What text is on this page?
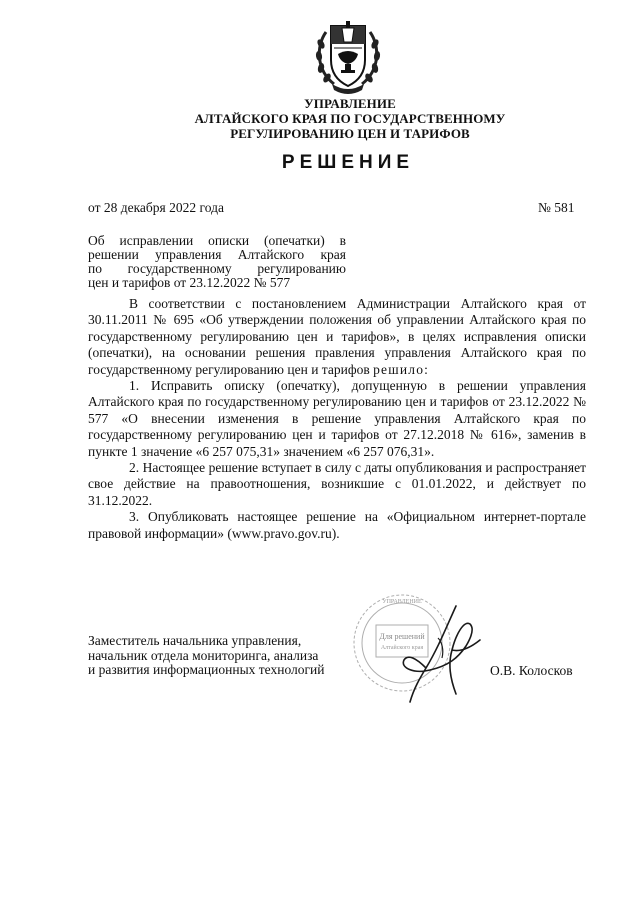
УПРАВЛЕНИЕ
АЛТАЙСКОГО КРАЯ ПО ГОСУДАРСТВЕННОМУ
РЕГУЛИРОВАНИЮ ЦЕН И ТАРИФОВ
РЕШЕНИЕ
от 28 декабря 2022 года	№ 581
Об исправлении описки (опечатки) в
решении управления Алтайского края
по государственному регулированию
цен и тарифов от 23.12.2022 № 577

В соответствии с постановлением Администрации Алтайского края от 30.11.2011 № 695 «Об утверждении положения об управлении Алтайского края по государственному регулированию цен и тарифов», в целях исправления описки (опечатки), на основании решения правления управления Алтайского края по государственному регулированию цен и тарифов решило:

1. Исправить описку (опечатку), допущенную в решении управления Алтайского края по государственному регулированию цен и тарифов от 23.12.2022 № 577 «О внесении изменения в решение управления Алтайского края по государственному регулированию цен и тарифов от 27.12.2018 № 616», заменив в пункте 1 значение «6 257 075,31» значением «6 257 076,31».

2. Настоящее решение вступает в силу с даты опубликования и распространяет свое действие на правоотношения, возникшие с 01.01.2022, и действует по 31.12.2022.

3. Опубликовать настоящее решение на «Официальном интернет-портале правовой информации» (www.pravo.gov.ru).

Для решений
Алтайского края
УПРАВЛЕНИЕ
Заместитель начальника управления,
начальник отдела мониторинга, анализа
и развития информационных технологий	О.В. Колосков
